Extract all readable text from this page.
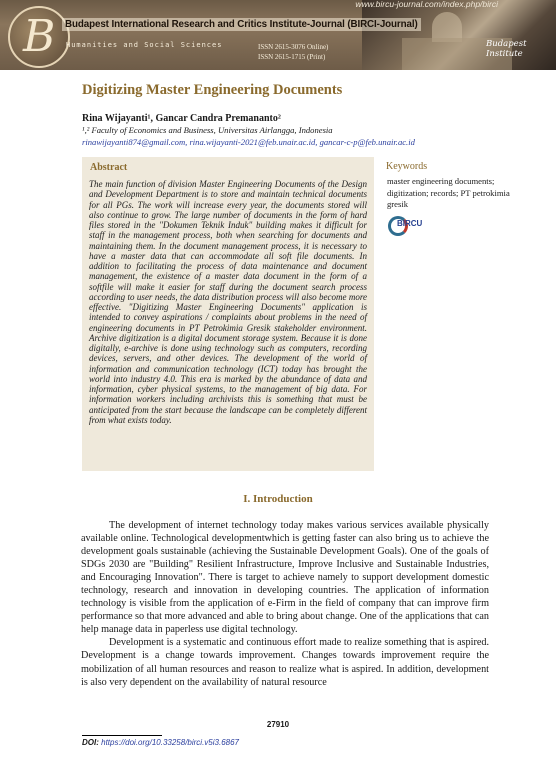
www.bircu-journal.com/index.php/birci
B Budapest International Research and Critics Institute-Journal (BIRCI-Journal)
Humanities and Social Sciences	ISSN 2615-3076 Online)
ISSN 2615-1715 (Print)
Budapest Institute
Digitizing Master Engineering Documents
Rina Wijayanti¹, Gancar Candra Premananto²
¹,² Faculty of Economics and Business, Universitas Airlangga, Indonesia
rinawijayanti874@gmail.com, rina.wijayanti-2021@feb.unair.ac.id, gancar-c-p@feb.unair.ac.id
Abstract
The main function of division Master Engineering Documents of the Design and Development Department is to store and maintain technical documents for all PGs. The work will increase every year, the documents stored will also continue to grow. The large number of documents in the form of hard files stored in the "Dokumen Teknik Induk" building makes it difficult for staff in the management process, both when searching for documents and maintaining them. In the document management process, it is necessary to have a master data that can accommodate all soft file documents. In addition to facilitating the process of data maintenance and document management, the existence of a master data document in the form of a softfile will make it easier for staff during the document search process according to user needs, the data distribution process will also become more effective. "Digitizing Master Engineering Documents" application is intended to convey aspirations / complaints about problems in the need of engineering documents in PT Petrokimia Gresik stakeholder environment. Archive digitization is a digital document storage system. Because it is done digitally, e-archive is done using technology such as computers, recording devices, servers, and other devices. The development of the world of information and communication technology (ICT) today has brought the world into industry 4.0. This era is marked by the abundance of data and information, cyber physical systems, to the management of big data. For information workers including archivists this is something that must be anticipated from the start because the landscape can be completely different from what exists today.
Keywords
master engineering documents; digitization; records; PT petrokimia gresik
BIRCU
I. Introduction

The development of internet technology today makes various services available physically available online. Technological developmentwhich is getting faster can also bring us to achieve the development goals sustainable (achieving the Sustainable Development Goals). One of the goals of SDGs 2030 are "Building" Resilient Infrastructure, Improve Inclusive and Sustainable Industries, and Encouraging Innovation". There is target to achieve namely to support development domestic technology, research and innovation in developing countries. The application of information technology is visible from the application of e-Firm in the field of company that can improve firm performance so that more advanced and able to bring about change. One of the applications that can help manage data in paperless use digital technology.

Development is a systematic and continuous effort made to realize something that is aspired. Development is a change towards improvement. Changes towards improvement require the mobilization of all human resources and reason to realize what is aspired. In addition, development is also very dependent on the availability of natural resource

27910
DOI: https://doi.org/10.33258/birci.v5i3.6867
